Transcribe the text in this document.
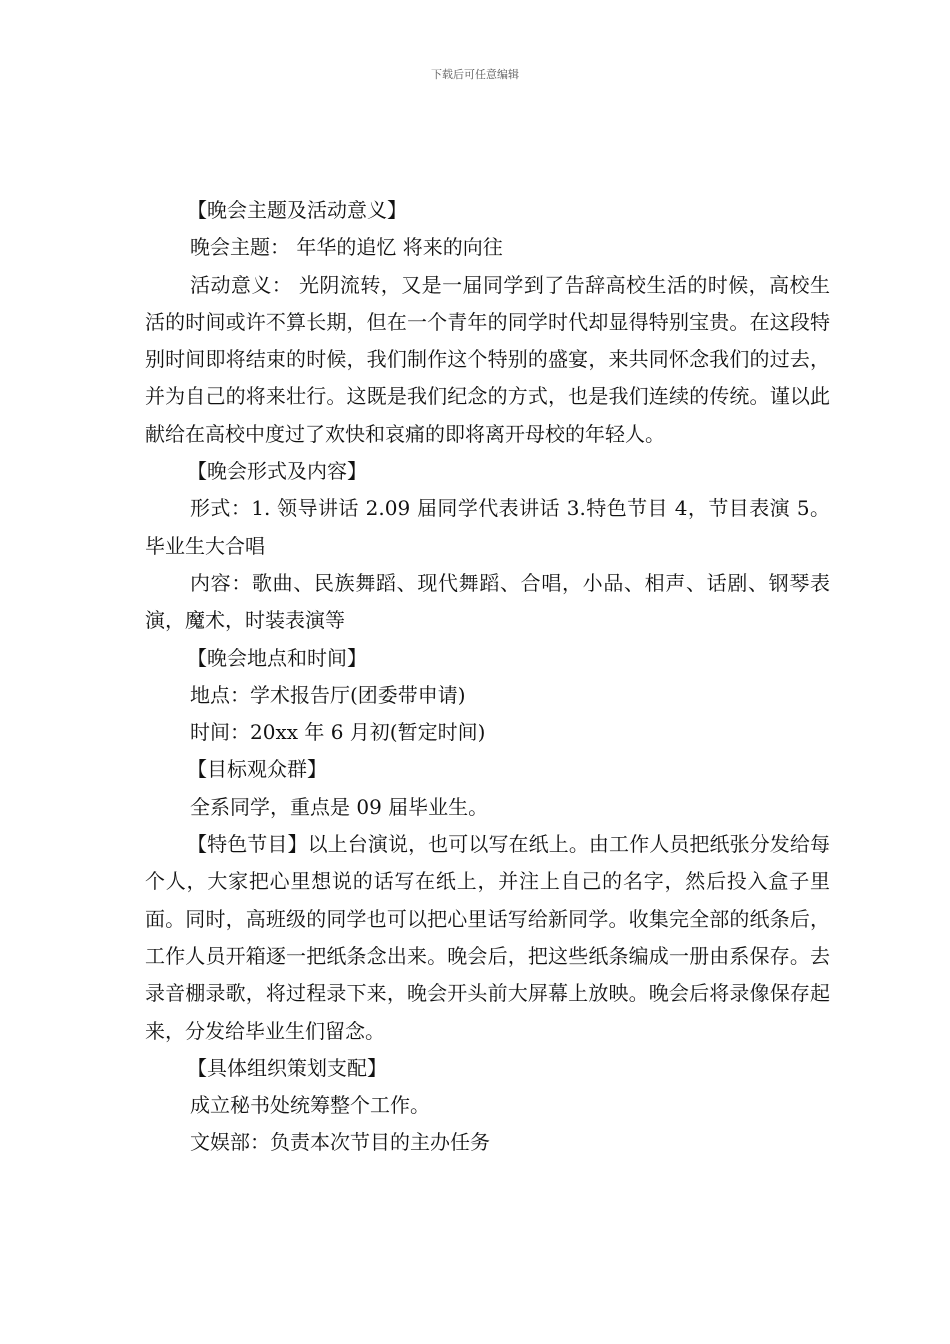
下载后可任意编辑

【晚会主题及活动意义】

晚会主题： 年华的追忆 将来的向往

活动意义： 光阴流转，又是一届同学到了告辞高校生活的时候，高校生活的时间或许不算长期，但在一个青年的同学时代却显得特别宝贵。在这段特别时间即将结束的时候，我们制作这个特别的盛宴，来共同怀念我们的过去，并为自己的将来壮行。这既是我们纪念的方式，也是我们连续的传统。谨以此献给在高校中度过了欢快和哀痛的即将离开母校的年轻人。

【晚会形式及内容】

形式：1. 领导讲话 2.09 届同学代表讲话 3.特色节目 4，节目表演 5。毕业生大合唱

内容：歌曲、民族舞蹈、现代舞蹈、合唱，小品、相声、话剧、钢琴表演，魔术，时装表演等

【晚会地点和时间】

地点：学术报告厅(团委带申请)

时间：20xx 年 6 月初(暂定时间)

【目标观众群】

全系同学，重点是 09 届毕业生。

【特色节目】以上台演说，也可以写在纸上。由工作人员把纸张分发给每个人，大家把心里想说的话写在纸上，并注上自己的名字，然后投入盒子里面。同时，高班级的同学也可以把心里话写给新同学。收集完全部的纸条后，工作人员开箱逐一把纸条念出来。晚会后，把这些纸条编成一册由系保存。去录音棚录歌，将过程录下来，晚会开头前大屏幕上放映。晚会后将录像保存起来，分发给毕业生们留念。

【具体组织策划支配】

成立秘书处统筹整个工作。

文娱部：负责本次节目的主办任务
